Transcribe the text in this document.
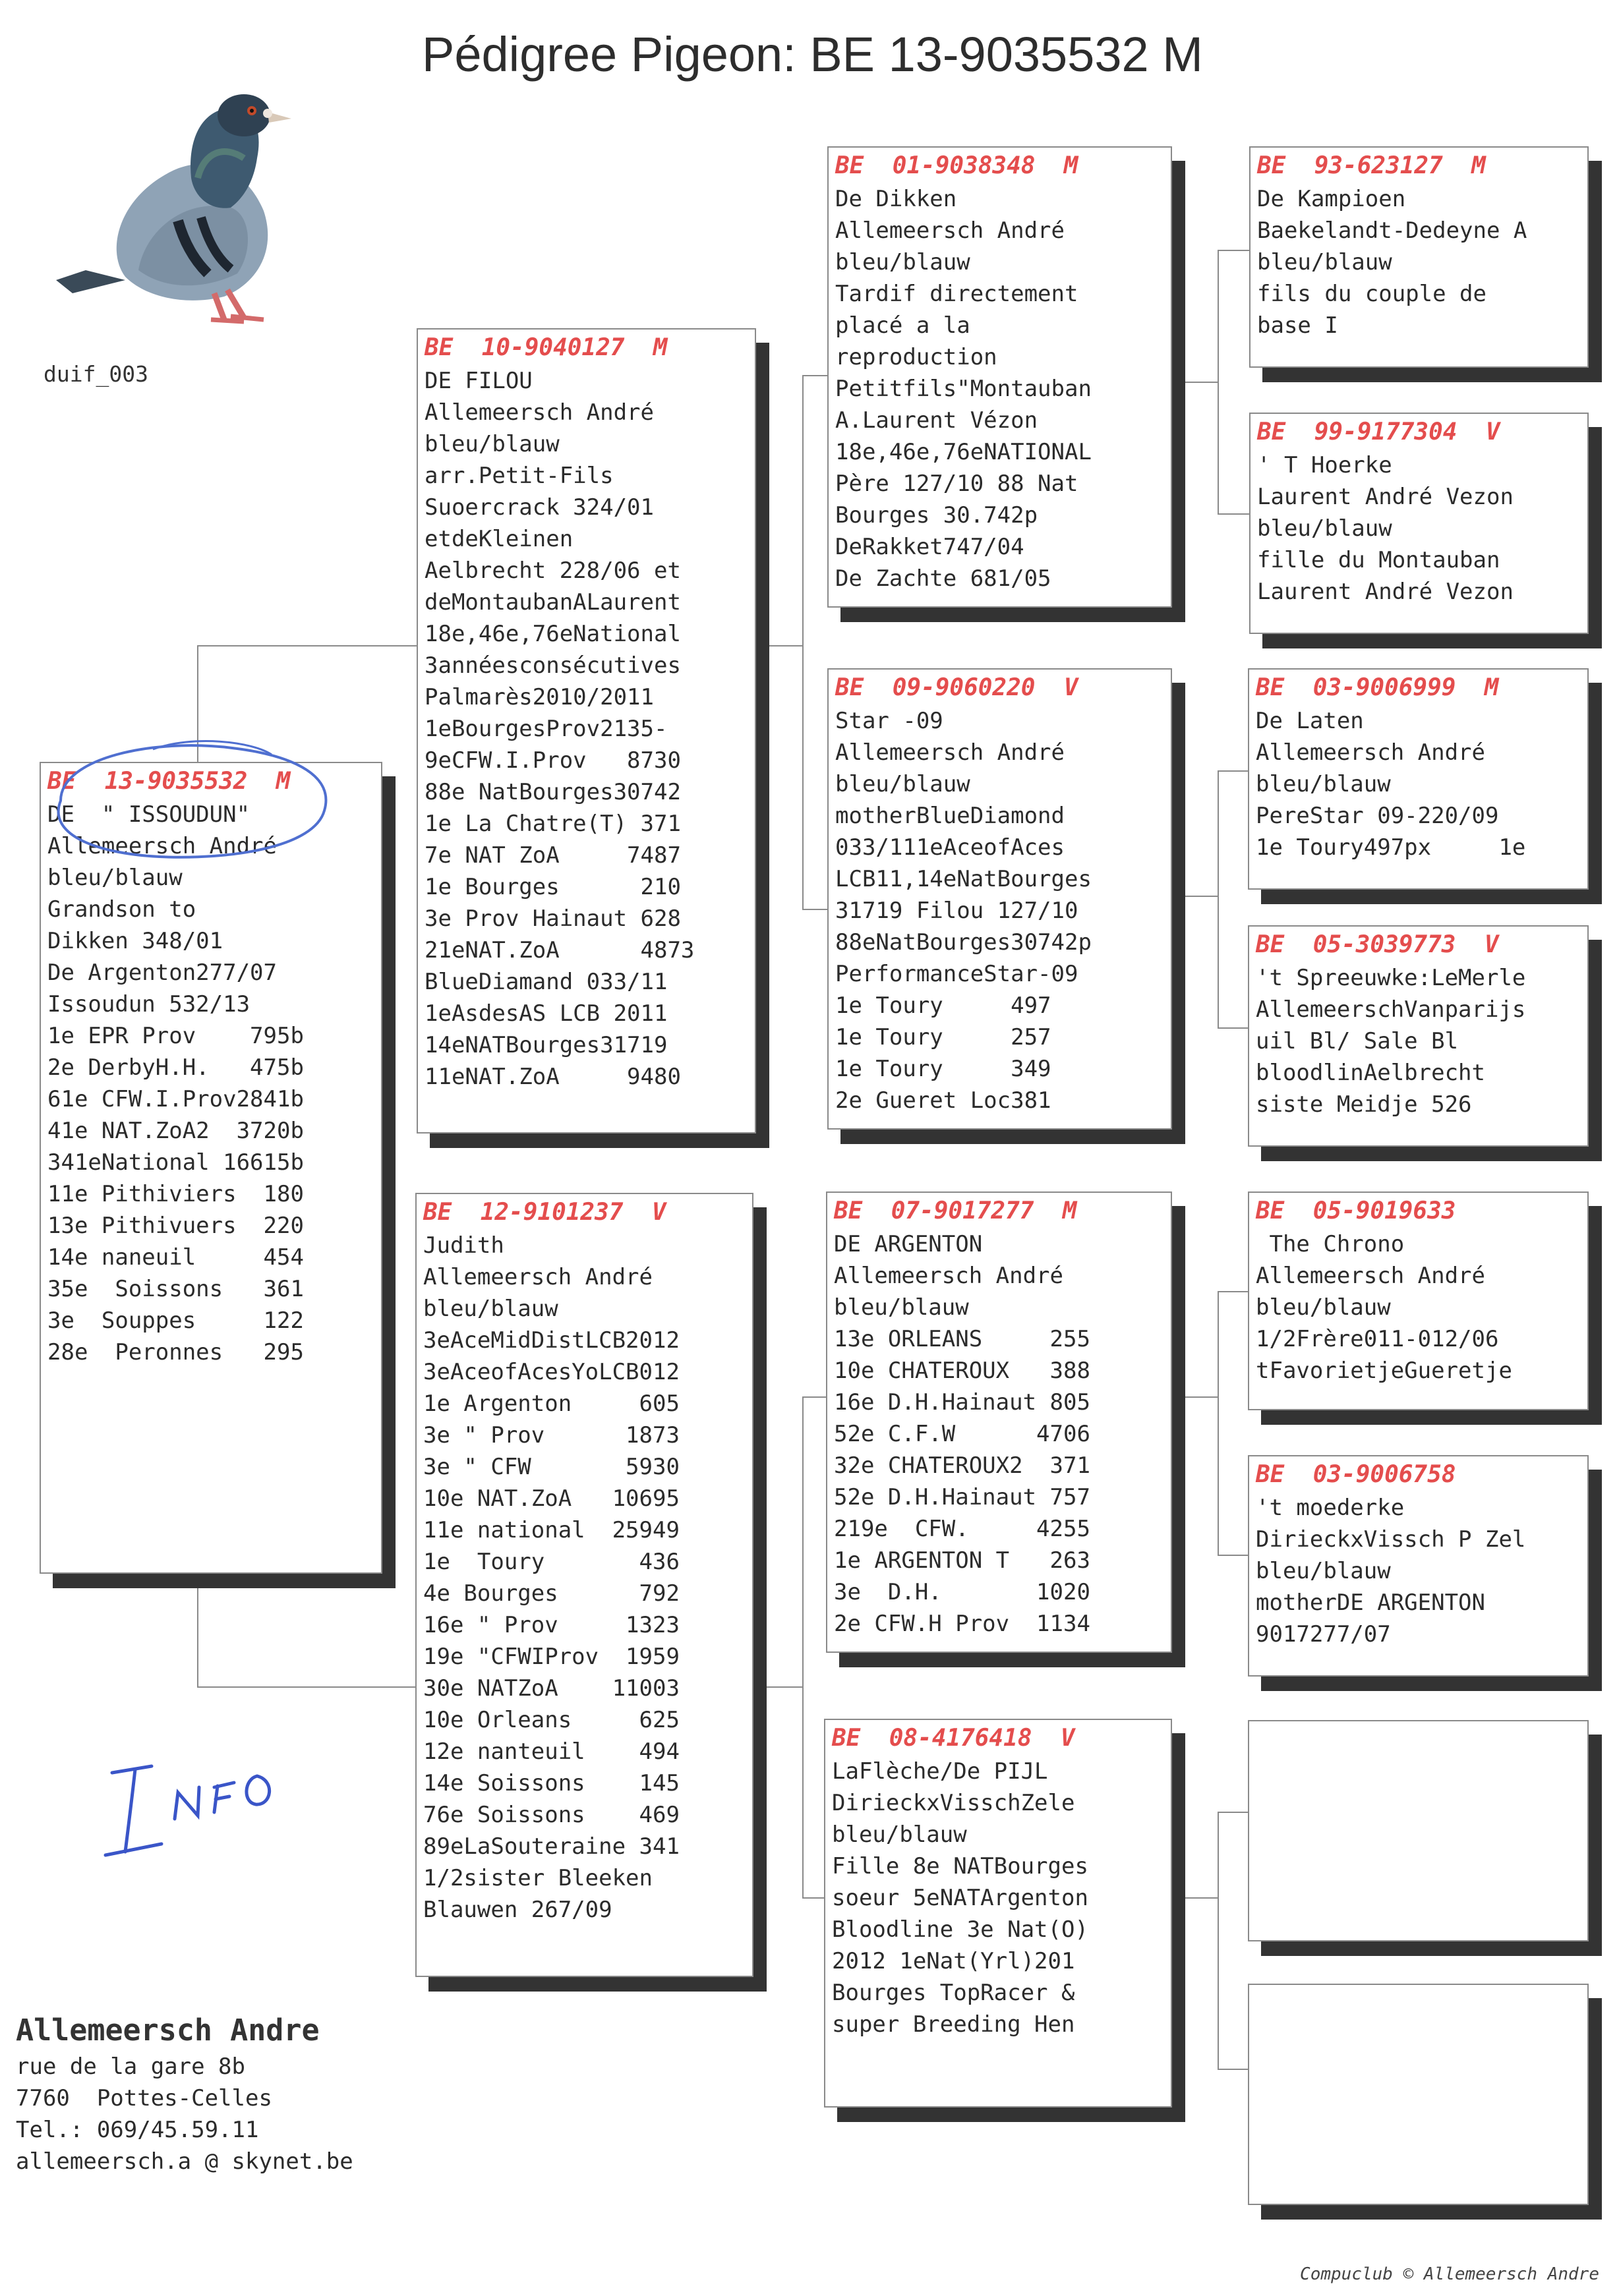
Pédigree Pigeon: BE 13-9035532 M
duif_003
BE  13-9035532  M
DE  " ISSOUDUN"
Allemeersch André
bleu/blauw
Grandson to
Dikken 348/01
De Argenton277/07
Issoudun 532/13
1e EPR Prov    795b
2e DerbyH.H.   475b
61e CFW.I.Prov2841b
41e NAT.ZoA2  3720b
341eNational 16615b
11e Pithiviers  180
13e Pithivuers  220
14e naneuil     454
35e  Soissons   361
3e  Souppes     122
28e  Peronnes   295
BE  10-9040127  M
DE FILOU
Allemeersch André
bleu/blauw
arr.Petit-Fils
Suoercrack 324/01
etdeKleinen
Aelbrecht 228/06 et
deMontaubanALaurent
18e,46e,76eNational
3annéesconsécutives
Palmarès2010/2011
1eBourgesProv2135-
9eCFW.I.Prov   8730
88e NatBourges30742
1e La Chatre(T) 371
7e NAT ZoA     7487
1e Bourges      210
3e Prov Hainaut 628
21eNAT.ZoA      4873
BlueDiamand 033/11
1eAsdesAS LCB 2011
14eNATBourges31719
11eNAT.ZoA     9480
BE  12-9101237  V
Judith
Allemeersch André
bleu/blauw
3eAceMidDistLCB2012
3eAceofAcesYoLCB012
1e Argenton     605
3e " Prov      1873
3e " CFW       5930
10e NAT.ZoA   10695
11e national  25949
1e  Toury       436
4e Bourges      792
16e " Prov     1323
19e "CFWIProv  1959
30e NATZoA    11003
10e Orleans     625
12e nanteuil    494
14e Soissons    145
76e Soissons    469
89eLaSouteraine 341
1/2sister Bleeken
Blauwen 267/09
BE  01-9038348  M
De Dikken
Allemeersch André
bleu/blauw
Tardif directement
placé a la
reproduction
Petitfils"Montauban
A.Laurent Vézon
18e,46e,76eNATIONAL
Père 127/10 88 Nat
Bourges 30.742p
DeRakket747/04
De Zachte 681/05
BE  09-9060220  V
Star -09
Allemeersch André
bleu/blauw
motherBlueDiamond
033/111eAceofAces
LCB11,14eNatBourges
31719 Filou 127/10
88eNatBourges30742p
PerformanceStar-09
1e Toury     497
1e Toury     257
1e Toury     349
2e Gueret Loc381
BE  07-9017277  M
DE ARGENTON
Allemeersch André
bleu/blauw
13e ORLEANS     255
10e CHATEROUX   388
16e D.H.Hainaut 805
52e C.F.W      4706
32e CHATEROUX2  371
52e D.H.Hainaut 757
219e  CFW.     4255
1e ARGENTON T   263
3e  D.H.       1020
2e CFW.H Prov  1134
BE  08-4176418  V
LaFlèche/De PIJL
DirieckxVisschZele
bleu/blauw
Fille 8e NATBourges
soeur 5eNATArgenton
Bloodline 3e Nat(O)
2012 1eNat(Yrl)201
Bourges TopRacer &
super Breeding Hen
BE  93-623127  M
De Kampioen
Baekelandt-Dedeyne A
bleu/blauw
fils du couple de
base I
BE  99-9177304  V
' T Hoerke
Laurent André Vezon
bleu/blauw
fille du Montauban
Laurent André Vezon
BE  03-9006999  M
De Laten
Allemeersch André
bleu/blauw
PereStar 09-220/09
1e Toury497px     1e
BE  05-3039773  V
't Spreeuwke:LeMerle
AllemeerschVanparijs
uil Bl/ Sale Bl
bloodlinAelbrecht
siste Meidje 526
BE  05-9019633
The Chrono
Allemeersch André
bleu/blauw
1/2Frère011-012/06
tFavorietjeGueretje
BE  03-9006758
't moederke
DirieckxVissch P Zel
bleu/blauw
motherDE ARGENTON
9017277/07
Allemeersch Andre
rue de la gare 8b
7760  Pottes-Celles
Tel.: 069/45.59.11
allemeersch.a @ skynet.be
Compuclub © Allemeersch Andre
